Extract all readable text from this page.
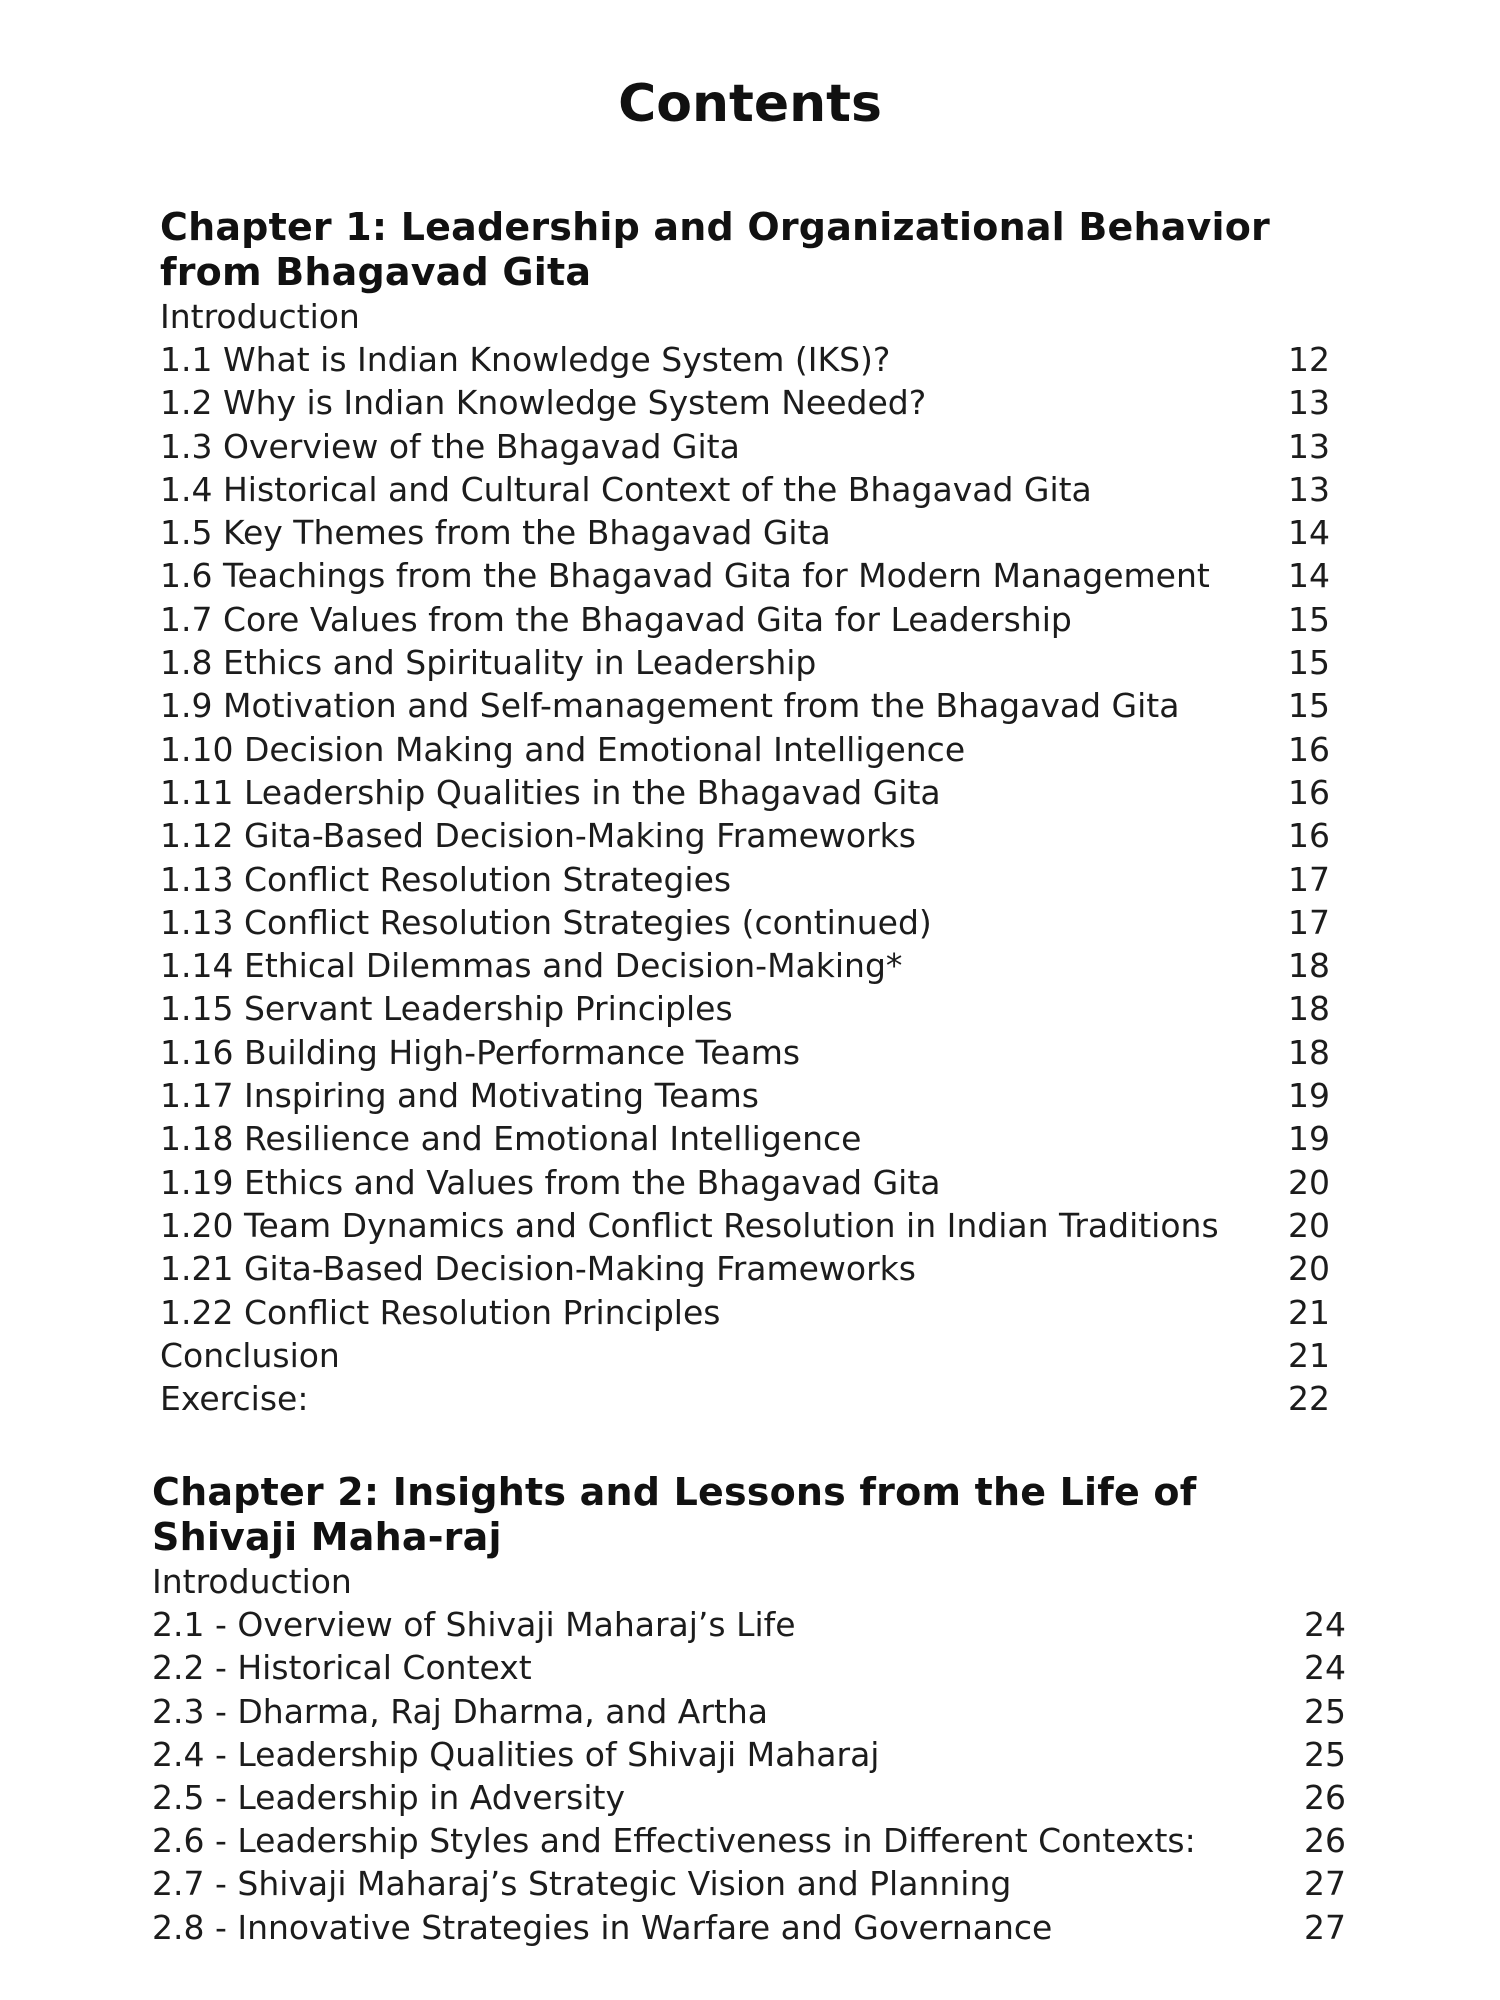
Contents
Chapter 1: Leadership and Organizational Behavior from Bhagavad Gita
Introduction
1.1 What is Indian Knowledge System (IKS)?	12
1.2 Why is Indian Knowledge System Needed?	13
1.3 Overview of the Bhagavad Gita	13
1.4 Historical and Cultural Context of the Bhagavad Gita	13
1.5 Key Themes from the Bhagavad Gita	14
1.6 Teachings from the Bhagavad Gita for Modern Management	14
1.7 Core Values from the Bhagavad Gita for Leadership	15
1.8 Ethics and Spirituality in Leadership	15
1.9 Motivation and Self-management from the Bhagavad Gita	15
1.10 Decision Making and Emotional Intelligence	16
1.11 Leadership Qualities in the Bhagavad Gita	16
1.12 Gita-Based Decision-Making Frameworks	16
1.13 Conflict Resolution Strategies	17
1.13 Conflict Resolution Strategies (continued)	17
1.14 Ethical Dilemmas and Decision-Making*	18
1.15 Servant Leadership Principles	18
1.16 Building High-Performance Teams	18
1.17 Inspiring and Motivating Teams	19
1.18 Resilience and Emotional Intelligence	19
1.19 Ethics and Values from the Bhagavad Gita	20
1.20 Team Dynamics and Conflict Resolution in Indian Traditions	20
1.21 Gita-Based Decision-Making Frameworks	20
1.22 Conflict Resolution Principles	21
Conclusion	21
Exercise:	22
Chapter 2: Insights and Lessons from the Life of Shivaji Maha-raj
Introduction
2.1 - Overview of Shivaji Maharaj’s Life	24
2.2 - Historical Context	24
2.3 - Dharma, Raj Dharma, and Artha	25
2.4 - Leadership Qualities of Shivaji Maharaj	25
2.5 - Leadership in Adversity	26
2.6 - Leadership Styles and Effectiveness in Different Contexts:	26
2.7 - Shivaji Maharaj’s Strategic Vision and Planning	27
2.8 - Innovative Strategies in Warfare and Governance	27
